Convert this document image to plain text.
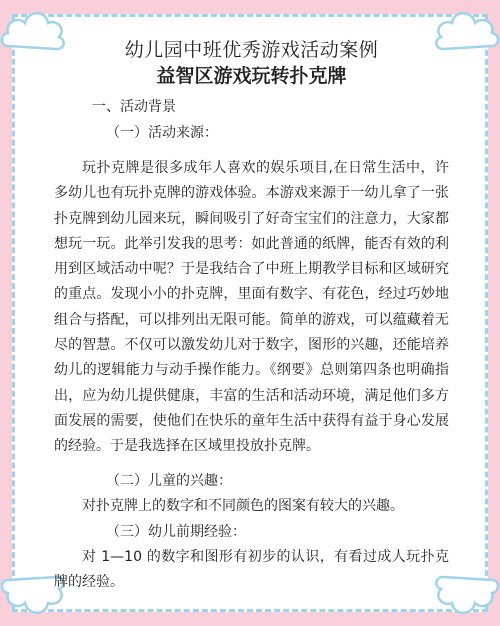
幼儿园中班优秀游戏活动案例
益智区游戏玩转扑克牌

一、活动背景

（一）活动来源：

玩扑克牌是很多成年人喜欢的娱乐项目,在日常生活中，许多幼儿也有玩扑克牌的游戏体验。本游戏来源于一幼儿拿了一张扑克牌到幼儿园来玩，瞬间吸引了好奇宝宝们的注意力，大家都想玩一玩。此举引发我的思考：如此普通的纸牌，能否有效的利用到区域活动中呢？于是我结合了中班上期教学目标和区域研究的重点。发现小小的扑克牌，里面有数字、有花色，经过巧妙地组合与搭配，可以排列出无限可能。简单的游戏，可以蕴藏着无尽的智慧。不仅可以激发幼儿对于数字，图形的兴趣，还能培养幼儿的逻辑能力与动手操作能力。《纲要》总则第四条也明确指出，应为幼儿提供健康，丰富的生活和活动环境，满足他们多方面发展的需要，使他们在快乐的童年生活中获得有益于身心发展的经验。于是我选择在区域里投放扑克牌。

（二）儿童的兴趣：

对扑克牌上的数字和不同颜色的图案有较大的兴趣。

（三）幼儿前期经验：

对 1—10 的数字和图形有初步的认识，有看过成人玩扑克牌的经验。
